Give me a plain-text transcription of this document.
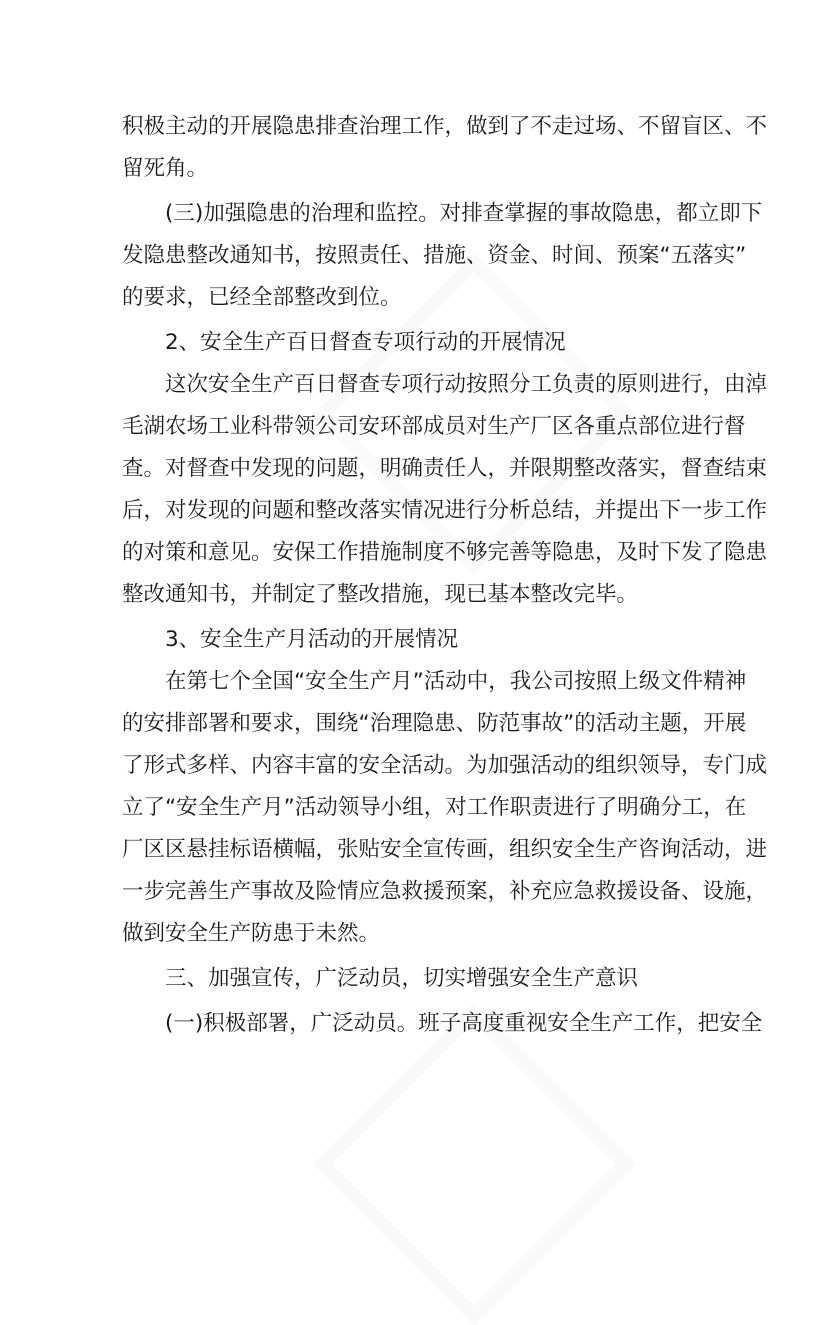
积极主动的开展隐患排查治理工作，做到了不走过场、不留盲区、不
留死角。
(三)加强隐患的治理和监控。对排查掌握的事故隐患，都立即下
发隐患整改通知书，按照责任、措施、资金、时间、预案“五落实”
的要求，已经全部整改到位。
2、安全生产百日督查专项行动的开展情况
这次安全生产百日督查专项行动按照分工负责的原则进行，由淖
毛湖农场工业科带领公司安环部成员对生产厂区各重点部位进行督
查。对督查中发现的问题，明确责任人，并限期整改落实，督查结束
后，对发现的问题和整改落实情况进行分析总结，并提出下一步工作
的对策和意见。安保工作措施制度不够完善等隐患，及时下发了隐患
整改通知书，并制定了整改措施，现已基本整改完毕。
3、安全生产月活动的开展情况
在第七个全国“安全生产月”活动中，我公司按照上级文件精神
的安排部署和要求，围绕“治理隐患、防范事故”的活动主题，开展
了形式多样、内容丰富的安全活动。为加强活动的组织领导，专门成
立了“安全生产月”活动领导小组，对工作职责进行了明确分工，在
厂区区悬挂标语横幅，张贴安全宣传画，组织安全生产咨询活动，进
一步完善生产事故及险情应急救援预案，补充应急救援设备、设施，
做到安全生产防患于未然。
三、加强宣传，广泛动员，切实增强安全生产意识
(一)积极部署，广泛动员。班子高度重视安全生产工作，把安全
